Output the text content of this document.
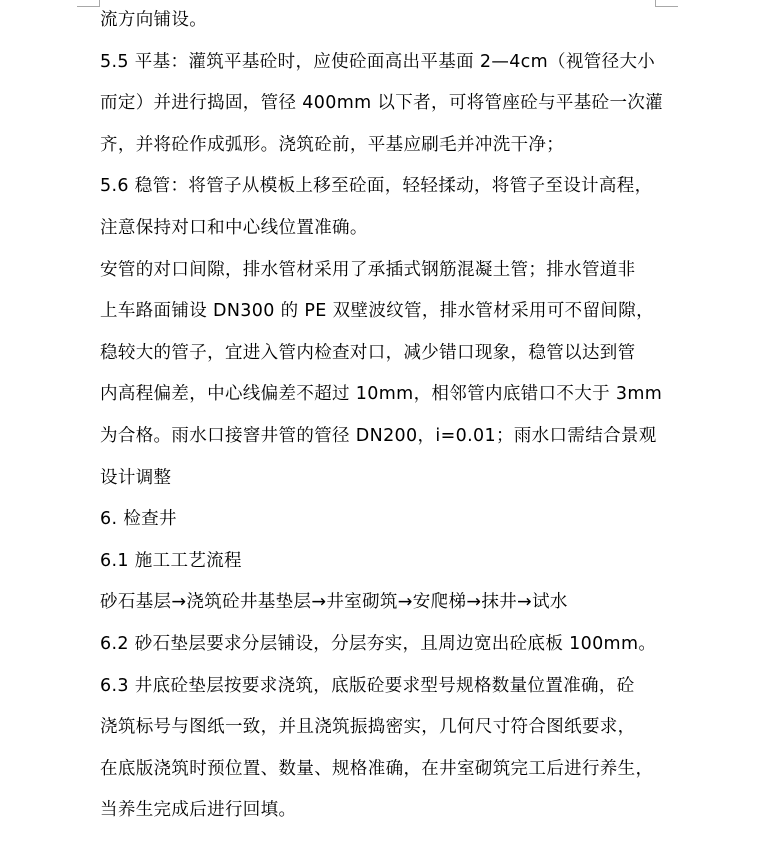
流方向铺设。
5.5 平基：灌筑平基砼时，应使砼面高出平基面 2—4cm（视管径大小
而定）并进行捣固，管径 400mm 以下者，可将管座砼与平基砼一次灌
齐，并将砼作成弧形。浇筑砼前，平基应刷毛并冲洗干净；
5.6 稳管：将管子从模板上移至砼面，轻轻揉动，将管子至设计高程，
注意保持对口和中心线位置准确。
安管的对口间隙，排水管材采用了承插式钢筋混凝土管；排水管道非
上车路面铺设 DN300 的 PE 双壁波纹管，排水管材采用可不留间隙，
稳较大的管子，宜进入管内检查对口，减少错口现象，稳管以达到管
内高程偏差，中心线偏差不超过 10mm，相邻管内底错口不大于 3mm
为合格。雨水口接窨井管的管径 DN200，i=0.01；雨水口需结合景观
设计调整
6. 检查井
6.1 施工工艺流程
砂石基层→浇筑砼井基垫层→井室砌筑→安爬梯→抹井→试水
6.2 砂石垫层要求分层铺设，分层夯实，且周边宽出砼底板 100mm。
6.3 井底砼垫层按要求浇筑，底版砼要求型号规格数量位置准确，砼
浇筑标号与图纸一致，并且浇筑振捣密实，几何尺寸符合图纸要求，
在底版浇筑时预位置、数量、规格准确，在井室砌筑完工后进行养生，
当养生完成后进行回填。
